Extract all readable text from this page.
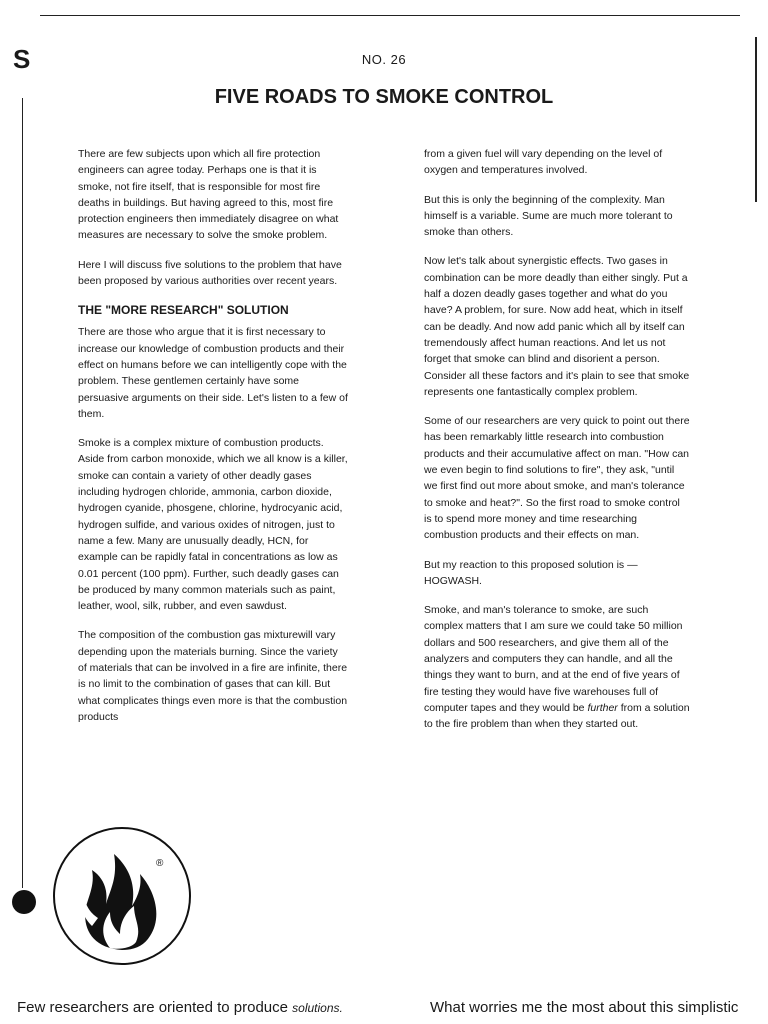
S	NO. 26
FIVE ROADS TO SMOKE CONTROL

There are few subjects upon which all fire protection engineers can agree today. Perhaps one is that it is smoke, not fire itself, that is responsible for most fire deaths in buildings. But having agreed to this, most fire protection engineers then immediately disagree on what measures are necessary to solve the smoke problem.

Here I will discuss five solutions to the problem that have been proposed by various authorities over recent years.

THE "MORE RESEARCH" SOLUTION

There are those who argue that it is first necessary to increase our knowledge of combustion products and their effect on humans before we can intelligently cope with the problem. These gentlemen certainly have some persuasive arguments on their side. Let's listen to a few of them.

Smoke is a complex mixture of combustion products. Aside from carbon monoxide, which we all know is a killer, smoke can contain a variety of other deadly gases including hydrogen chloride, ammonia, carbon dioxide, hydrogen cyanide, phosgene, chlorine, hydrocyanic acid, hydrogen sulfide, and various oxides of nitrogen, just to name a few. Many are unusually deadly, HCN, for example can be rapidly fatal in concentrations as low as 0.01 percent (100 ppm). Further, such deadly gases can be produced by many common materials such as paint, leather, wool, silk, rubber, and even sawdust.

The composition of the combustion gas mixturewill vary depending upon the materials burning. Since the variety of materials that can be involved in a fire are infinite, there is no limit to the combination of gases that can kill. But what complicates things even more is that the combustion products

from a given fuel will vary depending on the level of oxygen and temperatures involved.

But this is only the beginning of the complexity. Man himself is a variable. Sume are much more tolerant to smoke than others.

Now let's talk about synergistic effects. Two gases in combination can be more deadly than either singly. Put a half a dozen deadly gases together and what do you have? A problem, for sure. Now add heat, which in itself can be deadly. And now add panic which all by itself can tremendously affect human reactions. And let us not forget that smoke can blind and disorient a person. Consider all these factors and it's plain to see that smoke represents one fantastically complex problem.

Some of our researchers are very quick to point out there has been remarkably little research into combustion products and their accumulative affect on man. "How can we even begin to find solutions to fire", they ask, "until we first find out more about smoke, and man's tolerance to smoke and heat?". So the first road to smoke control is to spend more money and time researching combustion products and their effects on man.

But my reaction to this proposed solution is — HOGWASH.

Smoke, and man's tolerance to smoke, are such complex matters that I am sure we could take 50 million dollars and 500 researchers, and give them all of the analyzers and computers they can handle, and all the things they want to burn, and at the end of five years of fire testing they would have five warehouses full of computer tapes and they would be further from a solution to the fire problem than when they started out.

®
Few researchers are oriented to produce solutions.	What worries me the most about this simplistic
